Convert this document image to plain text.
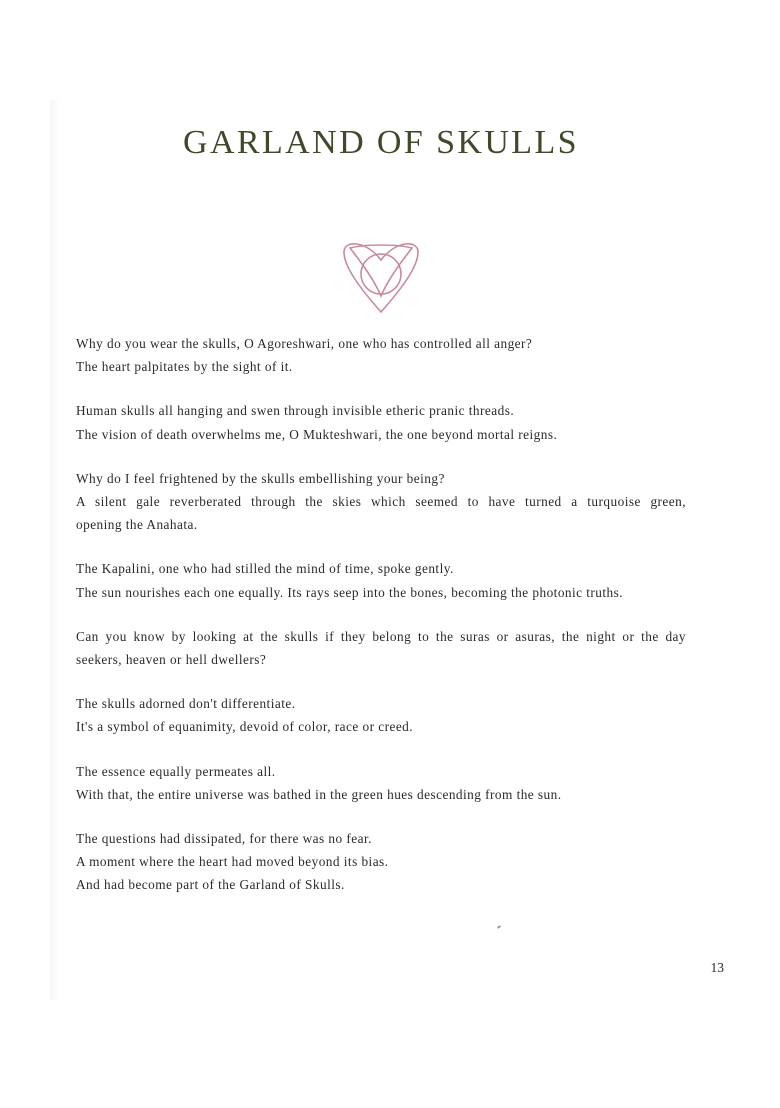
GARLAND OF SKULLS
Why do you wear the skulls, O Agoreshwari, one who has controlled all anger?
The heart palpitates by the sight of it.
Human skulls all hanging and swen through invisible etheric pranic threads.
The vision of death overwhelms me, O Mukteshwari, the one beyond mortal reigns.
Why do I feel frightened by the skulls embellishing your being?
A silent gale reverberated through the skies which seemed to have turned a turquoise green,
opening the Anahata.
The Kapalini, one who had stilled the mind of time, spoke gently.
The sun nourishes each one equally. Its rays seep into the bones, becoming the photonic truths.
Can you know by looking at the skulls if they belong to the suras or asuras, the night or the day
seekers, heaven or hell dwellers?
The skulls adorned don't differentiate.
It's a symbol of equanimity, devoid of color, race or creed.
The essence equally permeates all.
With that, the entire universe was bathed in the green hues descending from the sun.
The questions had dissipated, for there was no fear.
A moment where the heart had moved beyond its bias.
And had become part of the Garland of Skulls.
13
